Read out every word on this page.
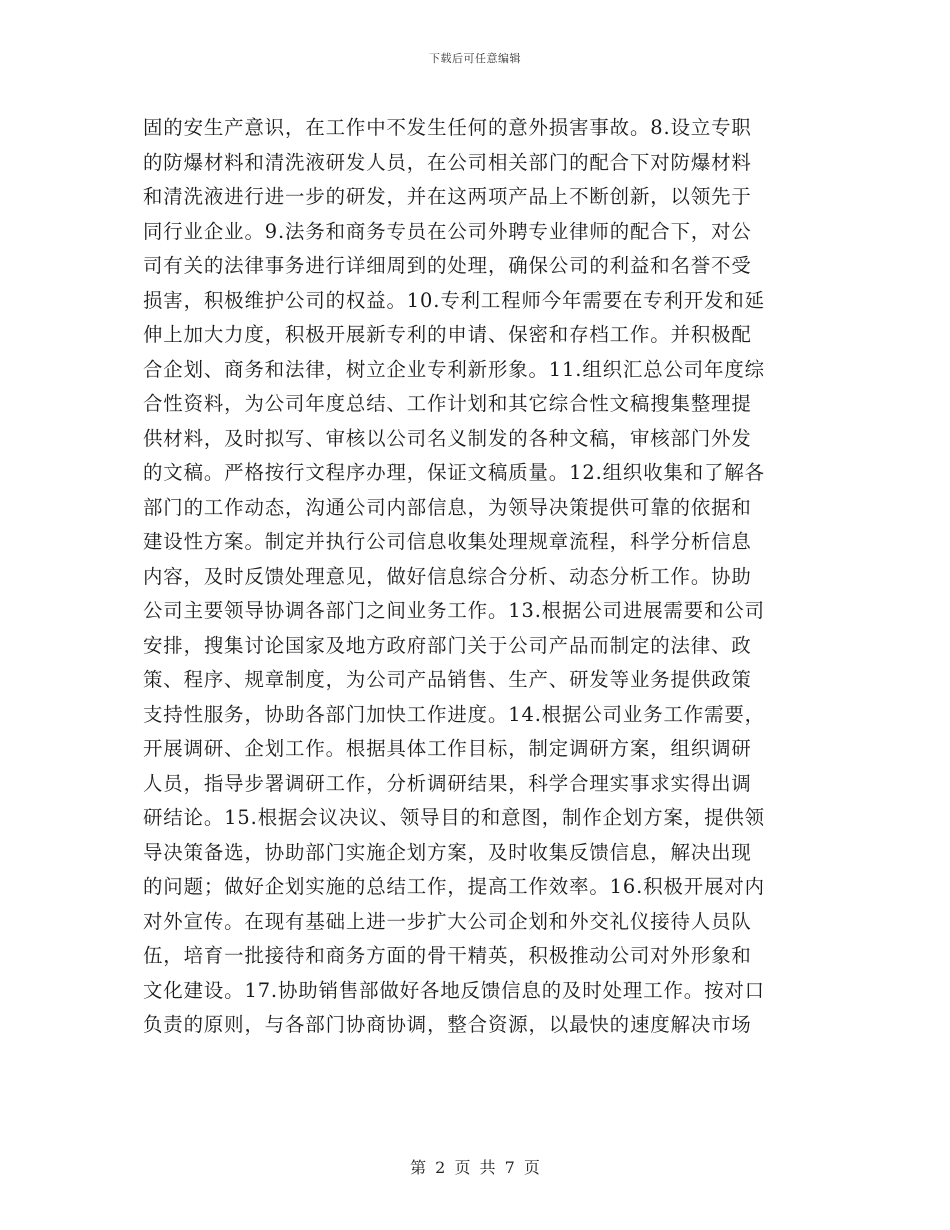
下载后可任意编辑
固的安生产意识，在工作中不发生任何的意外损害事故。8.设立专职
的防爆材料和清洗液研发人员，在公司相关部门的配合下对防爆材料
和清洗液进行进一步的研发，并在这两项产品上不断创新，以领先于
同行业企业。9.法务和商务专员在公司外聘专业律师的配合下，对公
司有关的法律事务进行详细周到的处理，确保公司的利益和名誉不受
损害，积极维护公司的权益。10.专利工程师今年需要在专利开发和延
伸上加大力度，积极开展新专利的申请、保密和存档工作。并积极配
合企划、商务和法律，树立企业专利新形象。11.组织汇总公司年度综
合性资料，为公司年度总结、工作计划和其它综合性文稿搜集整理提
供材料，及时拟写、审核以公司名义制发的各种文稿，审核部门外发
的文稿。严格按行文程序办理，保证文稿质量。12.组织收集和了解各
部门的工作动态，沟通公司内部信息，为领导决策提供可靠的依据和
建设性方案。制定并执行公司信息收集处理规章流程，科学分析信息
内容，及时反馈处理意见，做好信息综合分析、动态分析工作。协助
公司主要领导协调各部门之间业务工作。13.根据公司进展需要和公司
安排，搜集讨论国家及地方政府部门关于公司产品而制定的法律、政
策、程序、规章制度，为公司产品销售、生产、研发等业务提供政策
支持性服务，协助各部门加快工作进度。14.根据公司业务工作需要，
开展调研、企划工作。根据具体工作目标，制定调研方案，组织调研
人员，指导步署调研工作，分析调研结果，科学合理实事求实得出调
研结论。15.根据会议决议、领导目的和意图，制作企划方案，提供领
导决策备选，协助部门实施企划方案，及时收集反馈信息，解决出现
的问题；做好企划实施的总结工作，提高工作效率。16.积极开展对内
对外宣传。在现有基础上进一步扩大公司企划和外交礼仪接待人员队
伍，培育一批接待和商务方面的骨干精英，积极推动公司对外形象和
文化建设。17.协助销售部做好各地反馈信息的及时处理工作。按对口
负责的原则，与各部门协商协调，整合资源，以最快的速度解决市场
第 2 页 共 7 页
